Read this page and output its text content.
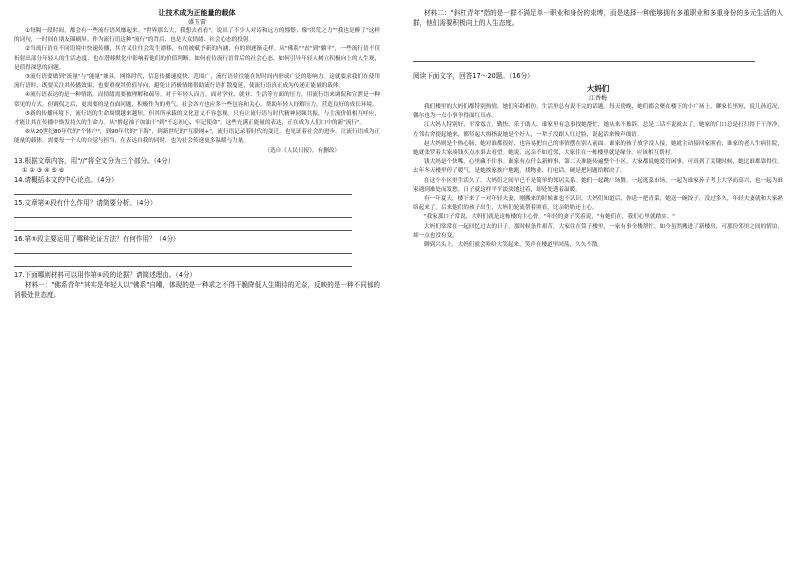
让技术成为正能量的载体
盛玉雷

①每隔一段时间，都会有一些流行语风靡起来。"世界那么大，我想去看看"，说出了不少人对诗和远方的憧憬；像"洪荒之力""我也是醉了"这样的词句，一时间在朋友圈刷屏。作为流行语这种"流行"的背后，也是大众情绪、社会心态的投射。

②当流行语在不同语境中快速传播，其含义往往会发生漂移，有的被赋予新的内涵，有的则逐渐走样。从"佛系""丧"到"躺平"，一些流行语不仅折射出部分年轻人的生活态度，也在潜移默化中影响着他们的价值判断。如何看待流行语背后的社会心态，如何引导年轻人树立积极向上的人生观，是值得深思的问题。

③流行语要做到"流量"与"能量"兼具。网络时代，信息传播速度快、范围广，流行语往往能在短时间内形成广泛的影响力。这就要求我们在使用流行语时，既要关注其传播效果，也要重视其价值导向，避免让消极情绪借助流行语扩散蔓延，使流行语真正成为传递正能量的载体。

④流行语表达的是一种情绪，而情绪需要被理解和疏导。对于年轻人而言，面对学业、就业、生活等方面的压力，用流行语来调侃和宣泄是一种常见的方式。但调侃之后，更需要的是直面问题、积极作为的勇气。社会各方也应多一些包容和关心，帮助年轻人纾解压力，营造良好的成长环境。

⑤新的传播环境下，流行语的生命周期越来越短，但其所承载的文化意义不容忽视。只有让流行语与时代精神同频共振，与主流价值相互呼应，才能让其在传播中焕发持久的生命力。从"撸起袖子加油干"到"不忘初心、牢记使命"，这些充满正能量的表达，正在成为人们口中的新"流行"。

⑥从20世纪80年代的"个体户"，到90年代的"下海"，到新世纪的"互联网+"，流行语记录着时代的变迁，也见证着社会的进步。让流行语成为正能量的载体，需要每一个人的自觉与担当，在表达自我的同时，也为社会传递更多温暖与力量。

（选自《人民日报》，有删改）
13.根据文章内容，用"//"将全文分为三个部分。（4分）
①②③④⑤⑥
14.请概括本文的中心论点。（4分）
15.文章第④段有什么作用？请简要分析。（4分）
16.第⑤段主要运用了哪种论证方法？有何作用？（4分）
17.下面哪则材料可以用作第⑥段的论据？请简述理由。（4分）

材料一："佛系青年"其实是年轻人以"佛系"自嘲，体现的是一种求之不得干脆降低人生期待的无奈，反映的是一种不同郁的消极处世态度。

材料二："斜杠青年"指的是一群不满足单一职业和身份的束缚，而是选择一种能够拥有多重职业和多重身份的多元生活的人群，他们需要积极向上的人生态度。

阅读下面文字，回答17～20题。（16分）
大妈们
江香梅

我们楼里的大妈们都特别热情，她们年龄相仿，生活里总有说不完的话题。每天傍晚，她们都会聚在楼下的小广场上，聊家长里短，说儿孙近况，偶尔也为一点小事争得面红耳赤。

江大妈人特别好，平常寡言，勤快，乐于助人。谁家里有急事找她帮忙，她从来不推辞，总是二话不说就去了。她家的门口总是打扫得干干净净，左邻右舍提起她来，都竖起大拇指说她是个好人，一辈子没跟人红过脸，说起话来慢声细语。

赵大妈则是个热心肠，她对谁都很好，也容易把自己的事情摆在别人前面。谁家的孩子放学没人接，她就主动接回家照看；谁家的老人生病住院，她就张罗着大家凑钱买点水果去看望。她说，远亲不如近邻，大家住在一栋楼里就是缘分，应该相互帮衬。

钱大妈是个快嘴，心里藏不住事。谁家有点什么新鲜事，第二天准能传遍整个小区。大家都说她爱管闲事，可真到了关键时候，她比谁都靠得住。去年冬天楼里停了暖气，是她挨家挨户地跑，找物业、打电话，硬是把问题给解决了。

在这个小区里生活久了，大妈们之间早已不是简单的邻居关系。她们一起跳广场舞，一起逛菜市场，一起为谁家孙子考上大学而高兴，也一起为谁家遇到难处而发愁。日子就这样平平淡淡地过着，却处处透着温暖。

有一年夏天，楼下来了一对年轻夫妻，刚搬来的时候谁也不认识。大妈们知道后，你送一把青菜，她送一碗饺子，没过多久，年轻夫妻就和大家熟络起来了。后来他们的孩子出生，大妈们轮流帮着照看，比亲奶奶还上心。

"我家那口子常说，大妈们就是这栋楼的主心骨。"年轻的妻子笑着说，"有她们在，我们心里就踏实。"

大妈们常常在一起回忆过去的日子。那时候条件艰苦，大家住在筒子楼里，一家有事全楼帮忙。如今虽然搬进了新楼房，可那份邻里之间的情谊，却一点也没有变。

聊到兴头上，大妈们就会哈哈大笑起来，笑声在楼道里回荡，久久不散。
